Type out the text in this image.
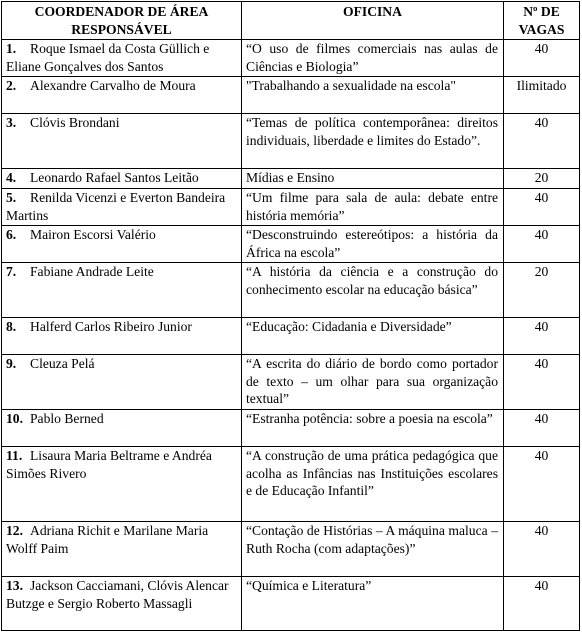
COORDENADOR DE ÁREA RESPONSÁVEL	OFICINA	Nº DE VAGAS
1. Roque Ismael da Costa Güllich e Eliane Gonçalves dos Santos	“O uso de filmes comerciais nas aulas de Ciências e Biologia”	40
2. Alexandre Carvalho de Moura	"Trabalhando a sexualidade na escola"	Ilimitado
3. Clóvis Brondani	“Temas de política contemporânea: direitos individuais, liberdade e limites do Estado”.	40
4. Leonardo Rafael Santos Leitão	Mídias e Ensino	20
5. Renilda Vicenzi e Everton Bandeira Martins	“Um filme para sala de aula: debate entre história memória”	40
6. Mairon Escorsi Valério	“Desconstruindo estereótipos: a história da África na escola”	40
7. Fabiane Andrade Leite	“A história da ciência e a construção do conhecimento escolar na educação básica”	20
8. Halferd Carlos Ribeiro Junior	“Educação: Cidadania e Diversidade”	40
9. Cleuza Pelá	“A escrita do diário de bordo como portador de texto – um olhar para sua organização textual”	40
10. Pablo Berned	“Estranha potência: sobre a poesia na escola”	40
11. Lisaura Maria Beltrame e Andréa Simões Rivero	“A construção de uma prática pedagógica que acolha as Infâncias nas Instituições escolares e de Educação Infantil”	40
12. Adriana Richit e Marilane Maria Wolff Paim	“Contação de Histórias – A máquina maluca – Ruth Rocha (com adaptações)”	40
13. Jackson Cacciamani, Clóvis Alencar Butzge e Sergio Roberto Massagli	“Química e Literatura”	40
